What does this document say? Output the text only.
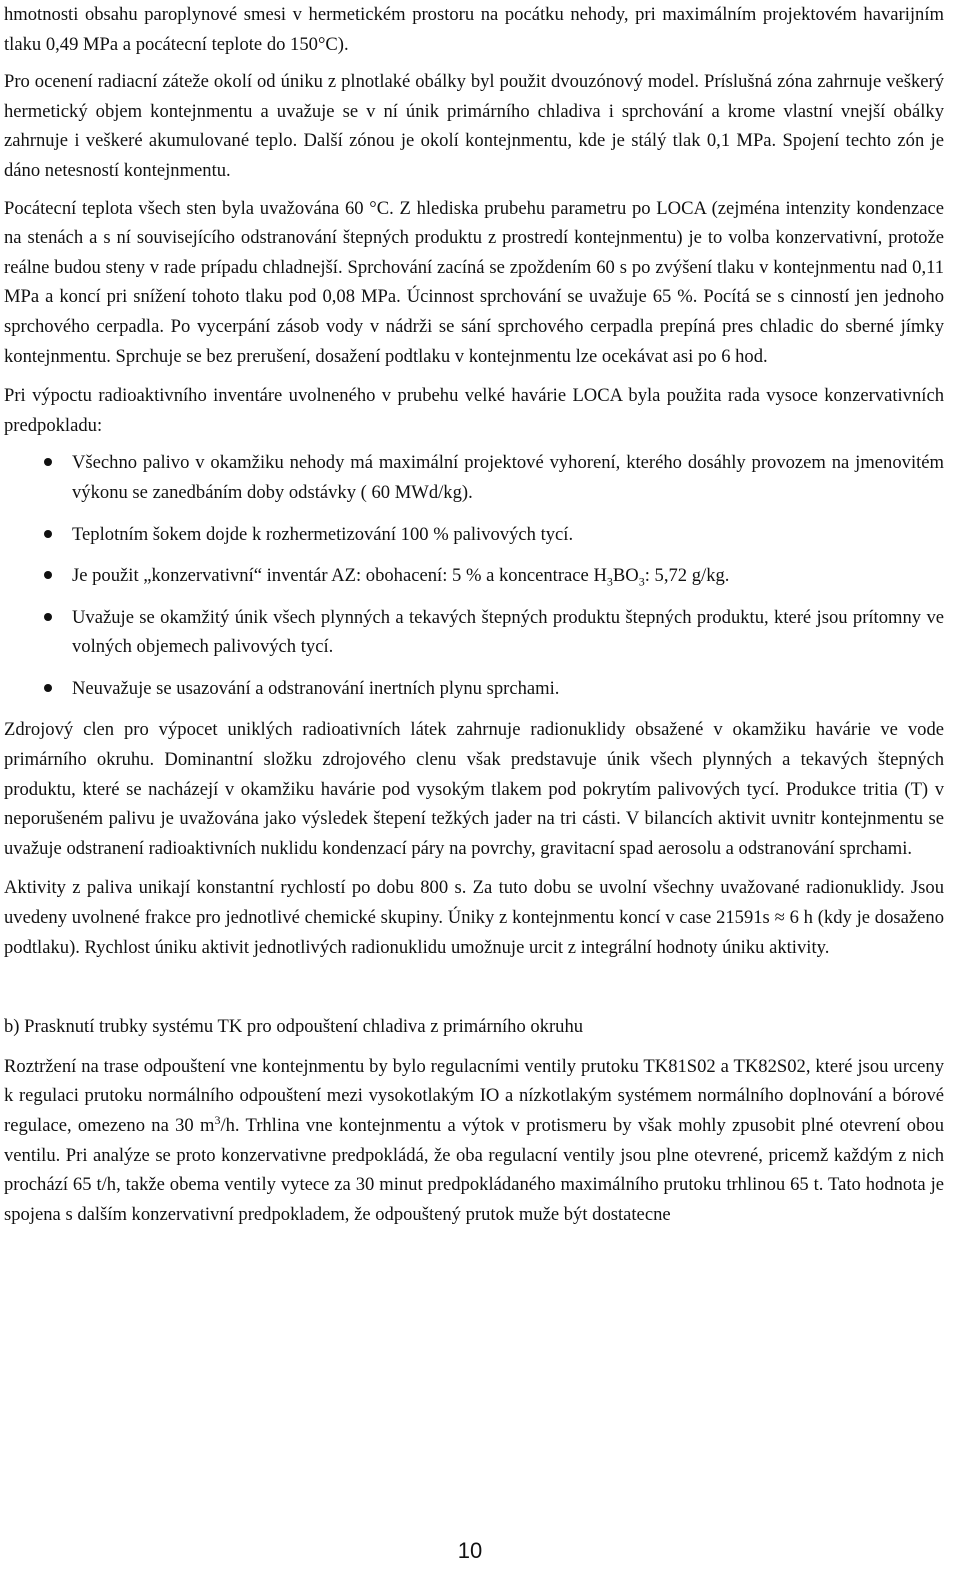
hmotnosti obsahu paroplynové smesi v hermetickém prostoru na pocátku nehody, pri maximálním projektovém havarijním tlaku 0,49 MPa a pocátecní teplote do 150°C).

Pro ocenení radiacní záteže okolí od úniku z plnotlaké obálky byl použit dvouzónový model. Príslušná zóna zahrnuje veškerý hermetický objem kontejnmentu a uvažuje se v ní únik primárního chladiva i sprchování a krome vlastní vnejší obálky zahrnuje i veškeré akumulované teplo. Další zónou je okolí kontejnmentu, kde je stálý tlak 0,1 MPa. Spojení techto zón je dáno netesností kontejnmentu.

Pocátecní teplota všech sten byla uvažována 60 °C. Z hlediska prubehu parametru po LOCA (zejména intenzity kondenzace na stenách a s ní souvisejícího odstranování štepných produktu z prostredí kontejnmentu) je to volba konzervativní, protože reálne budou steny v rade prípadu chladnejší. Sprchování zacíná se zpoždením 60 s po zvýšení tlaku v kontejnmentu nad 0,11 MPa a koncí pri snížení tohoto tlaku pod 0,08 MPa. Úcinnost sprchování se uvažuje 65 %. Pocítá se s cinností jen jednoho sprchového cerpadla. Po vycerpání zásob vody v nádrži se sání sprchového cerpadla prepíná pres chladic do sberné jímky kontejnmentu. Sprchuje se bez prerušení, dosažení podtlaku v kontejnmentu lze ocekávat asi po 6 hod.

Pri výpoctu radioaktivního inventáre uvolneného v prubehu velké havárie LOCA byla použita rada vysoce konzervativních predpokladu:

Všechno palivo v okamžiku nehody má maximální projektové vyhorení, kterého dosáhly provozem na jmenovitém výkonu se zanedbáním doby odstávky ( 60 MWd/kg).
Teplotním šokem dojde k rozhermetizování 100 % palivových tycí.
Je použit „konzervativní“ inventár AZ: obohacení: 5 % a koncentrace $H_3BO_3$: 5,72 g/kg.
Uvažuje se okamžitý únik všech plynných a tekavých štepných produktu štepných produktu, které jsou prítomny ve volných objemech palivových tycí.
Neuvažuje se usazování a odstranování inertních plynu sprchami.

Zdrojový clen pro výpocet uniklých radioativních látek zahrnuje radionuklidy obsažené v okamžiku havárie ve vode primárního okruhu. Dominantní složku zdrojového clenu však predstavuje únik všech plynných a tekavých štepných produktu, které se nacházejí v okamžiku havárie pod vysokým tlakem pod pokrytím palivových tycí. Produkce tritia (T) v neporušeném palivu je uvažována jako výsledek štepení težkých jader na tri cásti. V bilancích aktivit uvnitr kontejnmentu se uvažuje odstranení radioaktivních nuklidu kondenzací páry na povrchy, gravitacní spad aerosolu a odstranování sprchami.

Aktivity z paliva unikají konstantní rychlostí po dobu 800 s. Za tuto dobu se uvolní všechny uvažované radionuklidy. Jsou uvedeny uvolnené frakce pro jednotlivé chemické skupiny. Úniky z kontejnmentu koncí v case 21591s ≈ 6 h (kdy je dosaženo podtlaku). Rychlost úniku aktivit jednotlivých radionuklidu umožnuje urcit z integrální hodnoty úniku aktivity.

b) Prasknutí trubky systému TK pro odpouštení chladiva z primárního okruhu

Roztržení na trase odpouštení vne kontejnmentu by bylo regulacními ventily prutoku TK81S02 a TK82S02, které jsou urceny k regulaci prutoku normálního odpouštení mezi vysokotlakým IO a nízkotlakým systémem normálního doplnování a bórové regulace, omezeno na 30 $m^3/h$. Trhlina vne kontejnmentu a výtok v protismeru by však mohly zpusobit plné otevrení obou ventilu. Pri analýze se proto konzervativne predpokládá, že oba regulacní ventily jsou plne otevrené, pricemž každým z nich prochází 65 t/h, takže obema ventily vytece za 30 minut predpokládaného maximálního prutoku trhlinou 65 t. Tato hodnota je spojena s dalším konzervativní predpokladem, že odpouštený prutok muže být dostatecne

10
